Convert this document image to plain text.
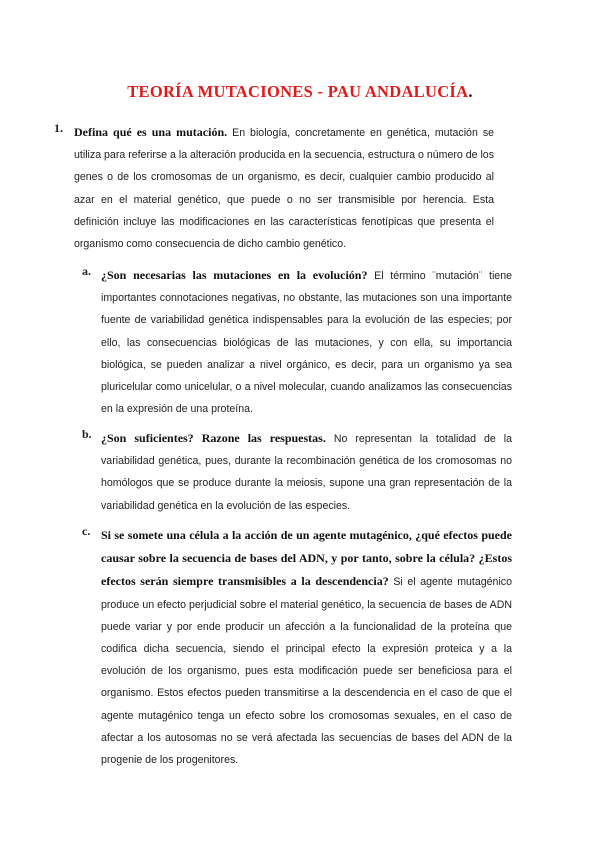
TEORÍA MUTACIONES - PAU ANDALUCÍA.
1. Defina qué es una mutación. En biología, concretamente en genética, mutación se utiliza para referirse a la alteración producida en la secuencia, estructura o número de los genes o de los cromosomas de un organismo, es decir, cualquier cambio producido al azar en el material genético, que puede o no ser transmisible por herencia. Esta definición incluye las modificaciones en las características fenotípicas que presenta el organismo como consecuencia de dicho cambio genético.
a. ¿Son necesarias las mutaciones en la evolución? El término ¨mutación¨ tiene importantes connotaciones negativas, no obstante, las mutaciones son una importante fuente de variabilidad genética indispensables para la evolución de las especies; por ello, las consecuencias biológicas de las mutaciones, y con ella, su importancia biológica, se pueden analizar a nivel orgánico, es decir, para un organismo ya sea pluricelular como unicelular, o a nivel molecular, cuando analizamos las consecuencias en la expresión de una proteína.
b. ¿Son suficientes? Razone las respuestas. No representan la totalidad de la variabilidad genética, pues, durante la recombinación genética de los cromosomas no homólogos que se produce durante la meiosis, supone una gran representación de la variabilidad genética en la evolución de las especies.
c. Si se somete una célula a la acción de un agente mutagénico, ¿qué efectos puede causar sobre la secuencia de bases del ADN, y por tanto, sobre la célula? ¿Estos efectos serán siempre transmisibles a la descendencia? Si el agente mutagénico produce un efecto perjudicial sobre el material genético, la secuencia de bases de ADN puede variar y por ende producir un afección a la funcionalidad de la proteína que codifica dicha secuencia, siendo el principal efecto la expresión proteica y a la evolución de los organismo, pues esta modificación puede ser beneficiosa para el organismo. Estos efectos pueden transmitirse a la descendencia en el caso de que el agente mutagénico tenga un efecto sobre los cromosomas sexuales, en el caso de afectar a los autosomas no se verá afectada las secuencias de bases del ADN de la progenie de los progenitores.
